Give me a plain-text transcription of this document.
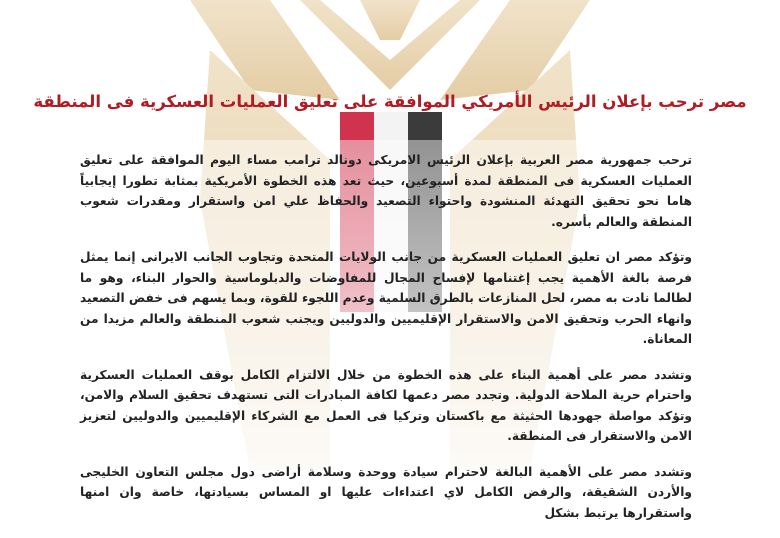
مصر ترحب بإعلان الرئيس الأمريكي الموافقة على تعليق العمليات العسكرية فى المنطقة

ترحب جمهورية مصر العربية بإعلان الرئيس الامريكى دونالد ترامب مساء اليوم الموافقة على تعليق العمليات العسكرية فى المنطقة لمدة أسبوعين، حيث تعد هذه الخطوة الأمريكية بمثابة تطورا إيجابياً هاما نحو تحقيق التهدئة المنشودة واحتواء التصعيد والحفاظ علي امن واستقرار ومقدرات شعوب المنطقة والعالم بأسره.

وتؤكد مصر ان تعليق العمليات العسكرية من جانب الولايات المتحدة وتجاوب الجانب الايرانى إنما يمثل فرصة بالغة الأهمية يجب إغتنامها لإفساح المجال للمفاوضات والدبلوماسية والحوار البناء، وهو ما لطالما نادت به مصر، لحل المنازعات بالطرق السلمية وعدم اللجوء للقوة، وبما يسهم فى خفض التصعيد وانهاء الحرب وتحقيق الامن والاستقرار الإقليميين والدوليين ويجنب شعوب المنطقة والعالم مزيدا من المعاناة.

وتشدد مصر على أهمية البناء على هذه الخطوة من خلال الالتزام الكامل بوقف العمليات العسكرية واحترام حرية الملاحة الدولية. وتجدد مصر دعمها لكافة المبادرات التى تستهدف تحقيق السلام والامن، وتؤكد مواصلة جهودها الحثيثة مع باكستان وتركيا فى العمل مع الشركاء الإقليميين والدوليين لتعزيز الامن والاستقرار فى المنطقة.

وتشدد مصر على الأهمية البالغة لاحترام سيادة ووحدة وسلامة أراضى دول مجلس التعاون الخليجى والأردن الشقيقة، والرفض الكامل لاي اعتداءات عليها او المساس بسيادتها، خاصة وان امنها واستقرارها يرتبط بشكل
